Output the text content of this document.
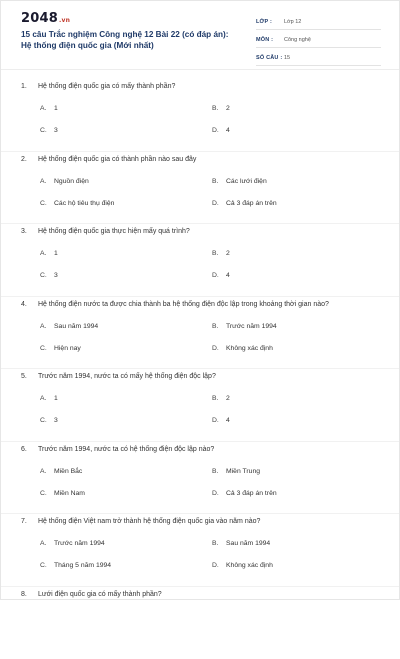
2048.vn
15 câu Trắc nghiệm Công nghệ 12 Bài 22 (có đáp án): Hệ thống điện quốc gia (Mới nhất)
LỚP : Lớp 12
MÔN : Công nghệ
SỐ CÂU : 15
1. Hệ thống điện quốc gia có mấy thành phần?
A. 1	B. 2
C. 3	D. 4
2. Hệ thống điện quốc gia có thành phần nào sau đây
A. Nguồn điện	B. Các lưới điện
C. Các hộ tiêu thụ điện	D. Cả 3 đáp án trên
3. Hệ thống điện quốc gia thực hiện mấy quá trình?
A. 1	B. 2
C. 3	D. 4
4. Hệ thống điện nước ta được chia thành ba hệ thống điện độc lập trong khoảng thời gian nào?
A. Sau năm 1994	B. Trước năm 1994
C. Hiện nay	D. Không xác định
5. Trước năm 1994, nước ta có mấy hệ thống điện độc lập?
A. 1	B. 2
C. 3	D. 4
6. Trước năm 1994, nước ta có hệ thống điện độc lập nào?
A. Miền Bắc	B. Miền Trung
C. Miền Nam	D. Cả 3 đáp án trên
7. Hệ thống điện Việt nam trở thành hệ thống điện quốc gia vào năm nào?
A. Trước năm 1994	B. Sau năm 1994
C. Tháng 5 năm 1994	D. Không xác định
8. Lưới điện quốc gia có mấy thành phần?
